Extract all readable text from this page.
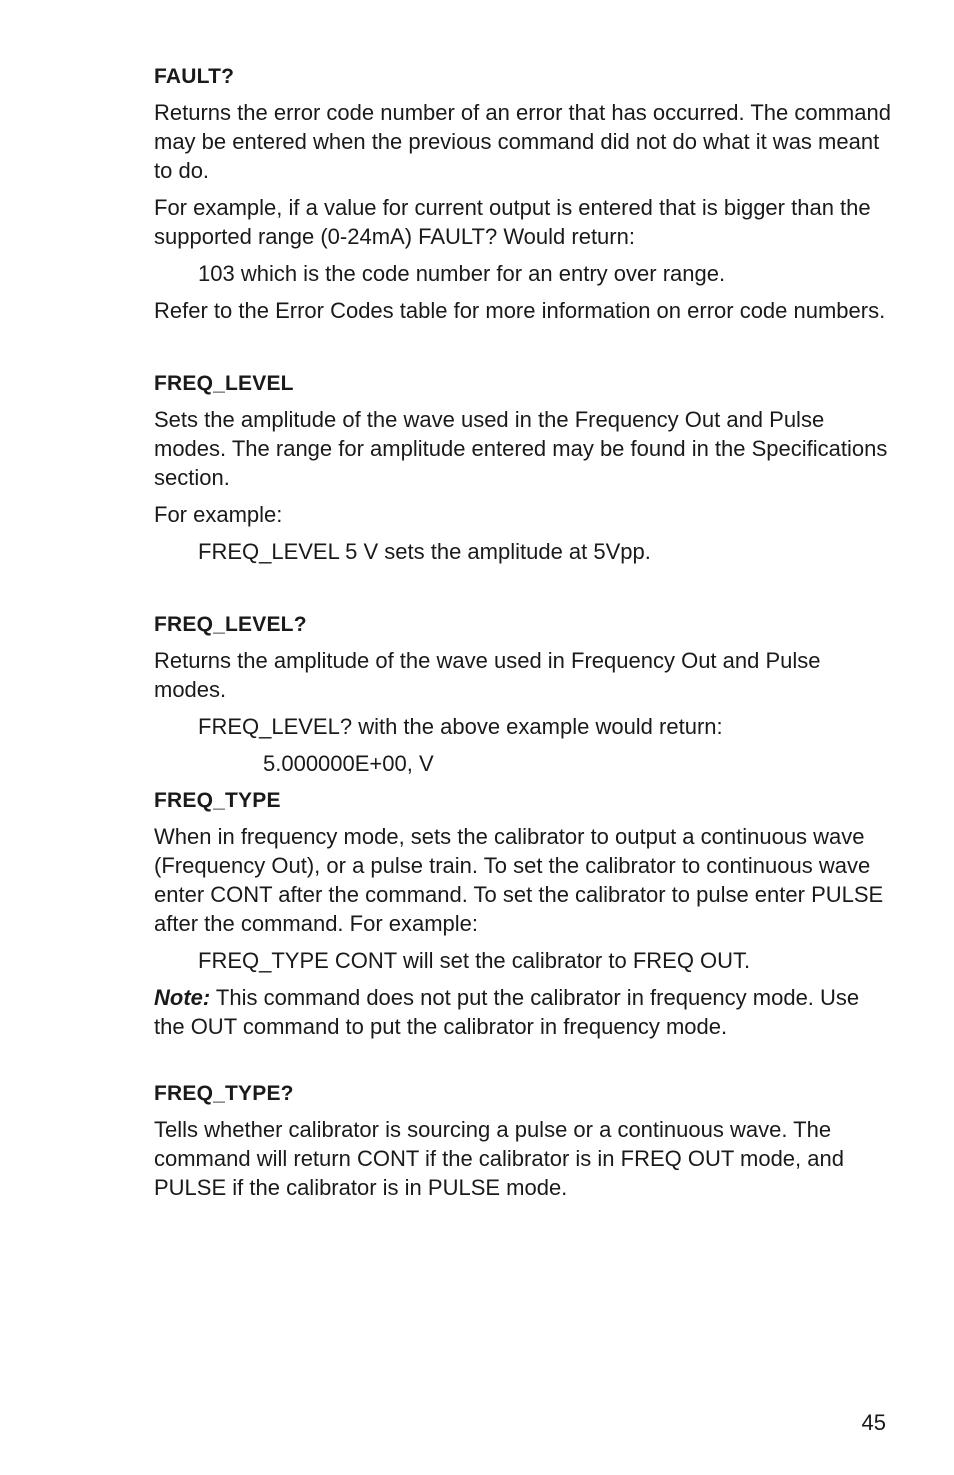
FAULT?

Returns the error code number of an error that has occurred. The command may be entered when the previous command did not do what it was meant to do.

For example, if a value for current output is entered that is bigger than the supported range (0-24mA) FAULT? Would return:

103 which is the code number for an entry over range.

Refer to the Error Codes table for more information on error code numbers.

FREQ_LEVEL

Sets the amplitude of the wave used in the Frequency Out and Pulse modes. The range for amplitude entered may be found in the Specifications section.

For example:

FREQ_LEVEL 5 V sets the amplitude at 5Vpp.

FREQ_LEVEL?

Returns the amplitude of the wave used in Frequency Out and Pulse modes.

FREQ_LEVEL? with the above example would return:

5.000000E+00, V

FREQ_TYPE

When in frequency mode, sets the calibrator to output a continuous wave (Frequency Out), or a pulse train. To set the calibrator to continuous wave enter CONT after the command. To set the calibrator to pulse enter PULSE after the command. For example:

FREQ_TYPE CONT will set the calibrator to FREQ OUT.

Note: This command does not put the calibrator in frequency mode. Use the OUT command to put the calibrator in frequency mode.

FREQ_TYPE?

Tells whether calibrator is sourcing a pulse or a continuous wave. The command will return CONT if the calibrator is in FREQ OUT mode, and PULSE if the calibrator is in PULSE mode.

45
